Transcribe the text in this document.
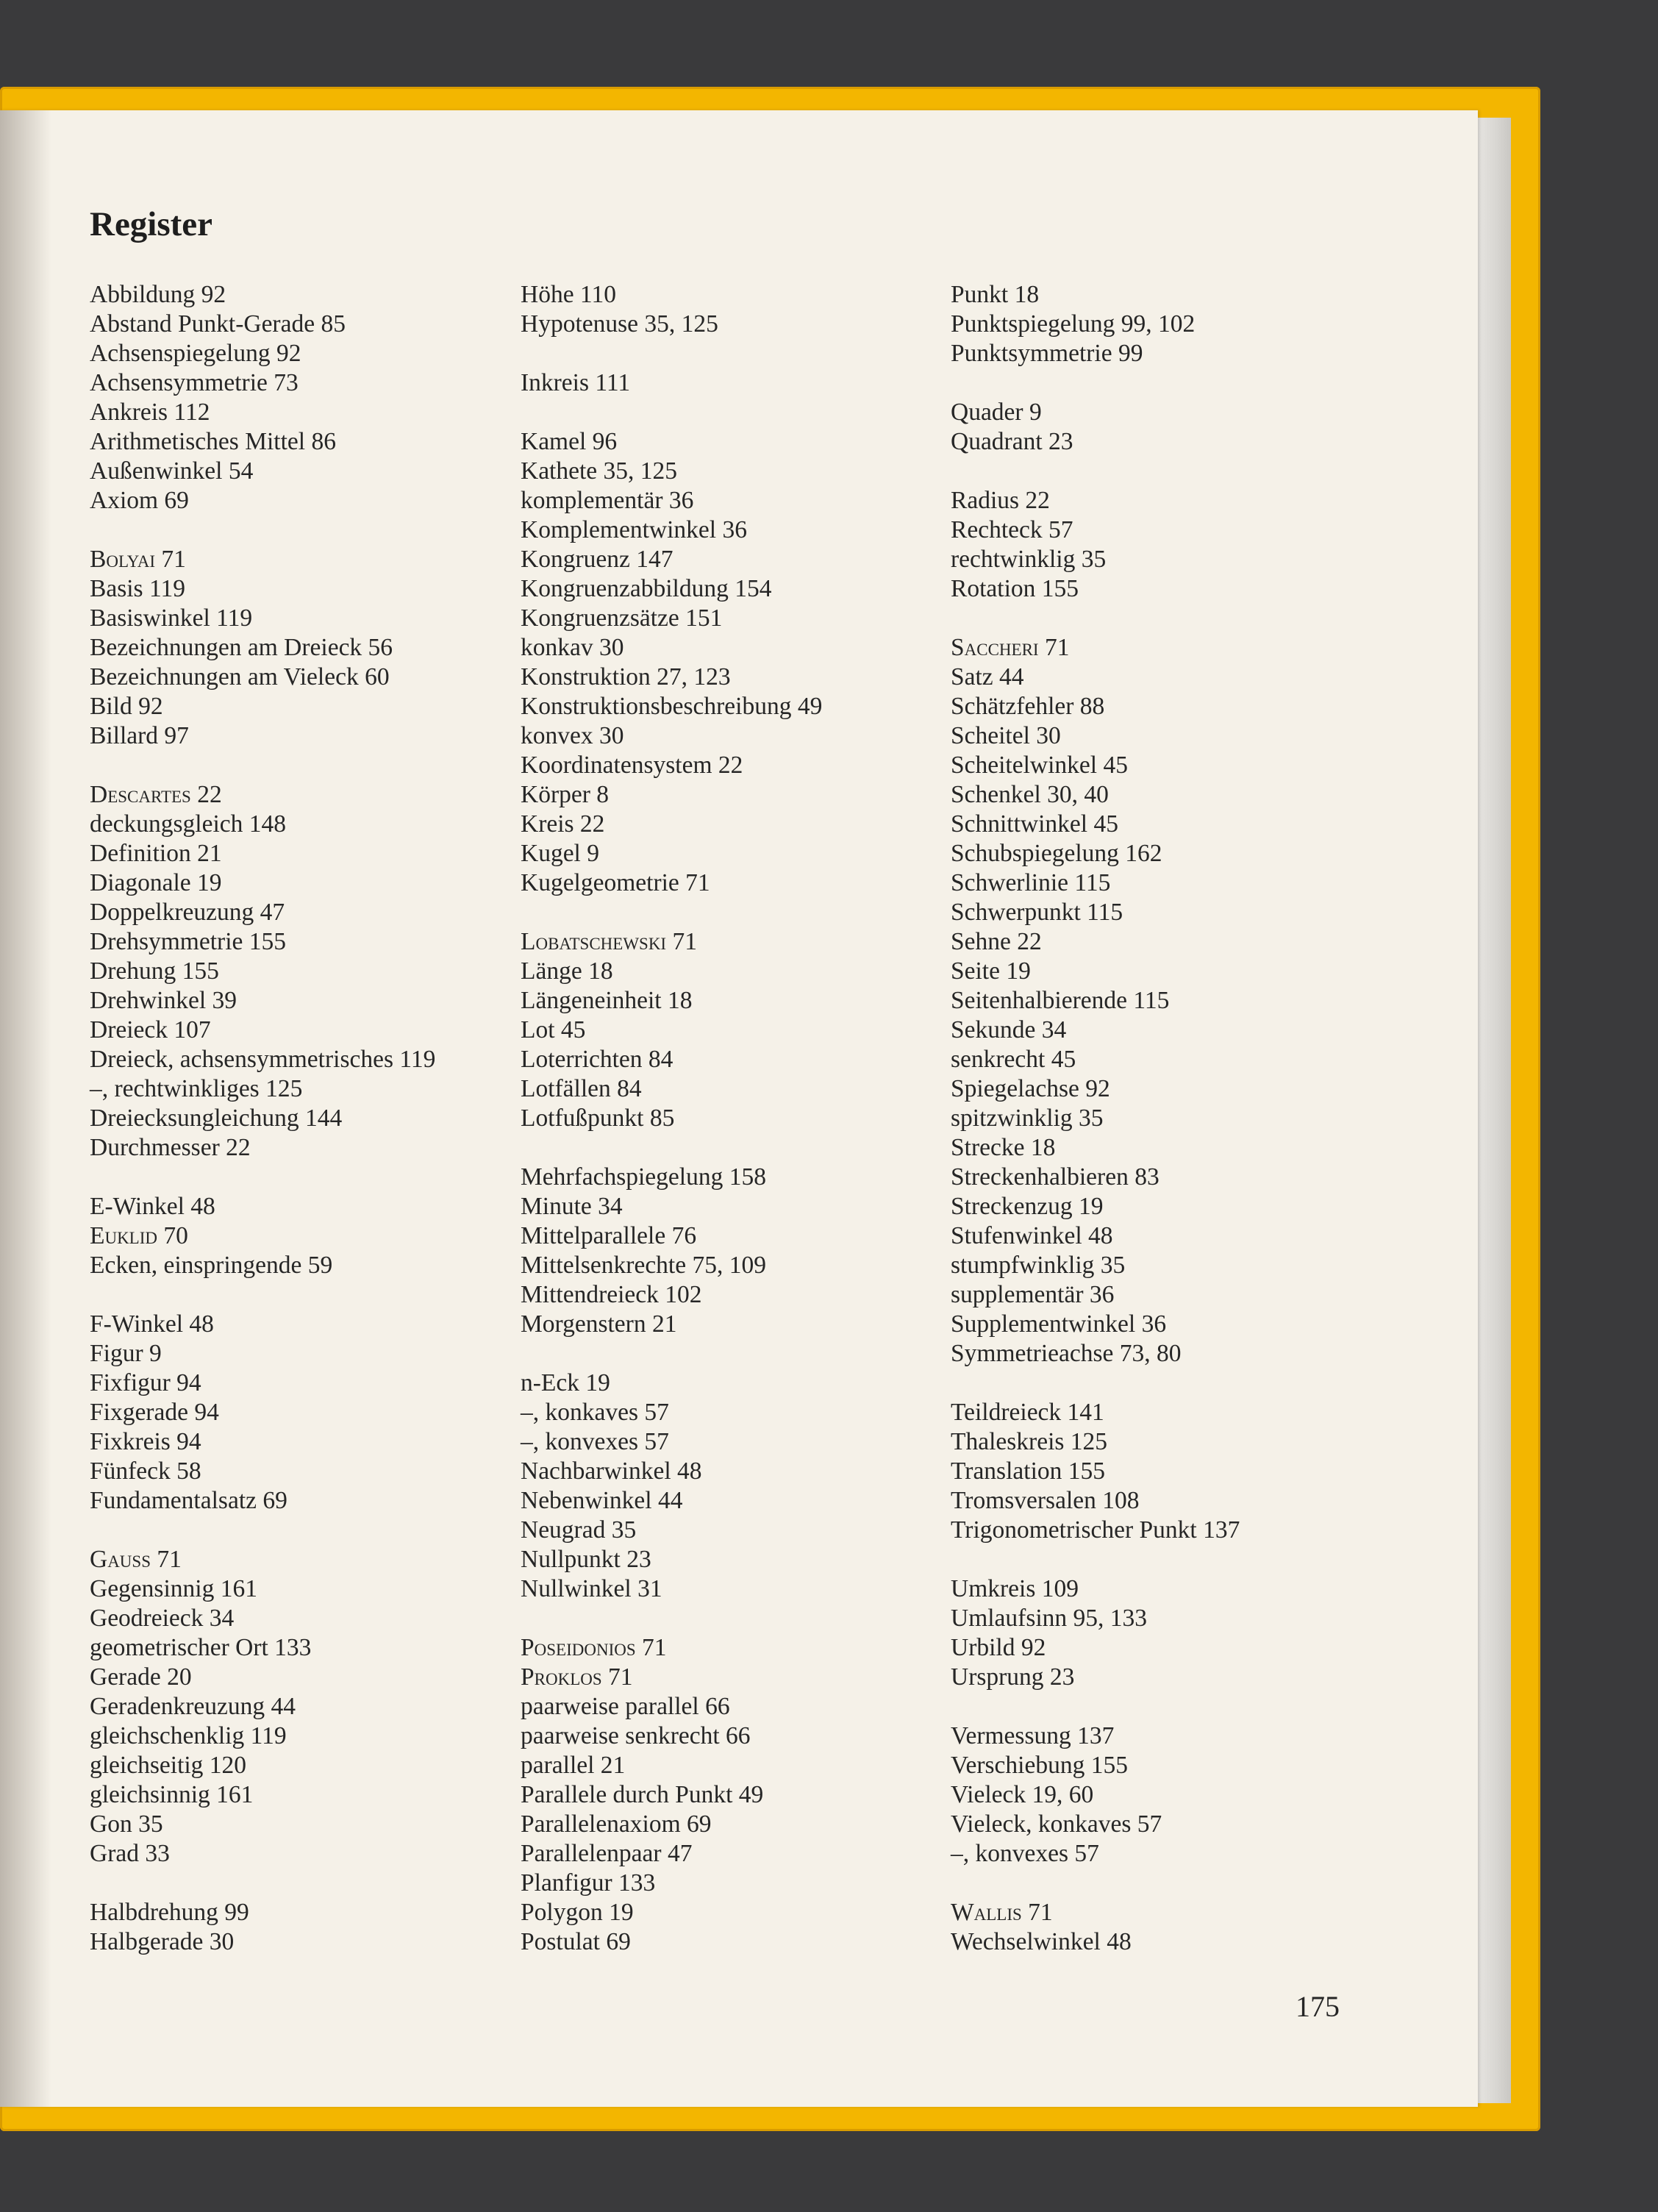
Register
Abbildung 92
Abstand Punkt-Gerade 85
Achsenspiegelung 92
Achsensymmetrie 73
Ankreis 112
Arithmetisches Mittel 86
Außenwinkel 54
Axiom 69
Bolyai 71
Basis 119
Basiswinkel 119
Bezeichnungen am Dreieck 56
Bezeichnungen am Vieleck 60
Bild 92
Billard 97
Descartes 22
deckungsgleich 148
Definition 21
Diagonale 19
Doppelkreuzung 47
Drehsymmetrie 155
Drehung 155
Drehwinkel 39
Dreieck 107
Dreieck, achsensymmetrisches 119
–, rechtwinkliges 125
Dreiecksungleichung 144
Durchmesser 22
E-Winkel 48
Euklid 70
Ecken, einspringende 59
F-Winkel 48
Figur 9
Fixfigur 94
Fixgerade 94
Fixkreis 94
Fünfeck 58
Fundamentalsatz 69
Gauss 71
Gegensinnig 161
Geodreieck 34
geometrischer Ort 133
Gerade 20
Geradenkreuzung 44
gleichschenklig 119
gleichseitig 120
gleichsinnig 161
Gon 35
Grad 33
Halbdrehung 99
Halbgerade 30
Höhe 110
Hypotenuse 35, 125
Inkreis 111
Kamel 96
Kathete 35, 125
komplementär 36
Komplementwinkel 36
Kongruenz 147
Kongruenzabbildung 154
Kongruenzsätze 151
konkav 30
Konstruktion 27, 123
Konstruktionsbeschreibung 49
konvex 30
Koordinatensystem 22
Körper 8
Kreis 22
Kugel 9
Kugelgeometrie 71
Lobatschewski 71
Länge 18
Längeneinheit 18
Lot 45
Loterrichten 84
Lotfällen 84
Lotfußpunkt 85
Mehrfachspiegelung 158
Minute 34
Mittelparallele 76
Mittelsenkrechte 75, 109
Mittendreieck 102
Morgenstern 21
n-Eck 19
–, konkaves 57
–, konvexes 57
Nachbarwinkel 48
Nebenwinkel 44
Neugrad 35
Nullpunkt 23
Nullwinkel 31
Poseidonios 71
Proklos 71
paarweise parallel 66
paarweise senkrecht 66
parallel 21
Parallele durch Punkt 49
Parallelenaxiom 69
Parallelenpaar 47
Planfigur 133
Polygon 19
Postulat 69
Punkt 18
Punktspiegelung 99, 102
Punktsymmetrie 99
Quader 9
Quadrant 23
Radius 22
Rechteck 57
rechtwinklig 35
Rotation 155
Saccheri 71
Satz 44
Schätzfehler 88
Scheitel 30
Scheitelwinkel 45
Schenkel 30, 40
Schnittwinkel 45
Schubspiegelung 162
Schwerlinie 115
Schwerpunkt 115
Sehne 22
Seite 19
Seitenhalbierende 115
Sekunde 34
senkrecht 45
Spiegelachse 92
spitzwinklig 35
Strecke 18
Streckenhalbieren 83
Streckenzug 19
Stufenwinkel 48
stumpfwinklig 35
supplementär 36
Supplementwinkel 36
Symmetrieachse 73, 80
Teildreieck 141
Thaleskreis 125
Translation 155
Tromsversalen 108
Trigonometrischer Punkt 137
Umkreis 109
Umlaufsinn 95, 133
Urbild 92
Ursprung 23
Vermessung 137
Verschiebung 155
Vieleck 19, 60
Vieleck, konkaves 57
–, konvexes 57
Wallis 71
Wechselwinkel 48
175
